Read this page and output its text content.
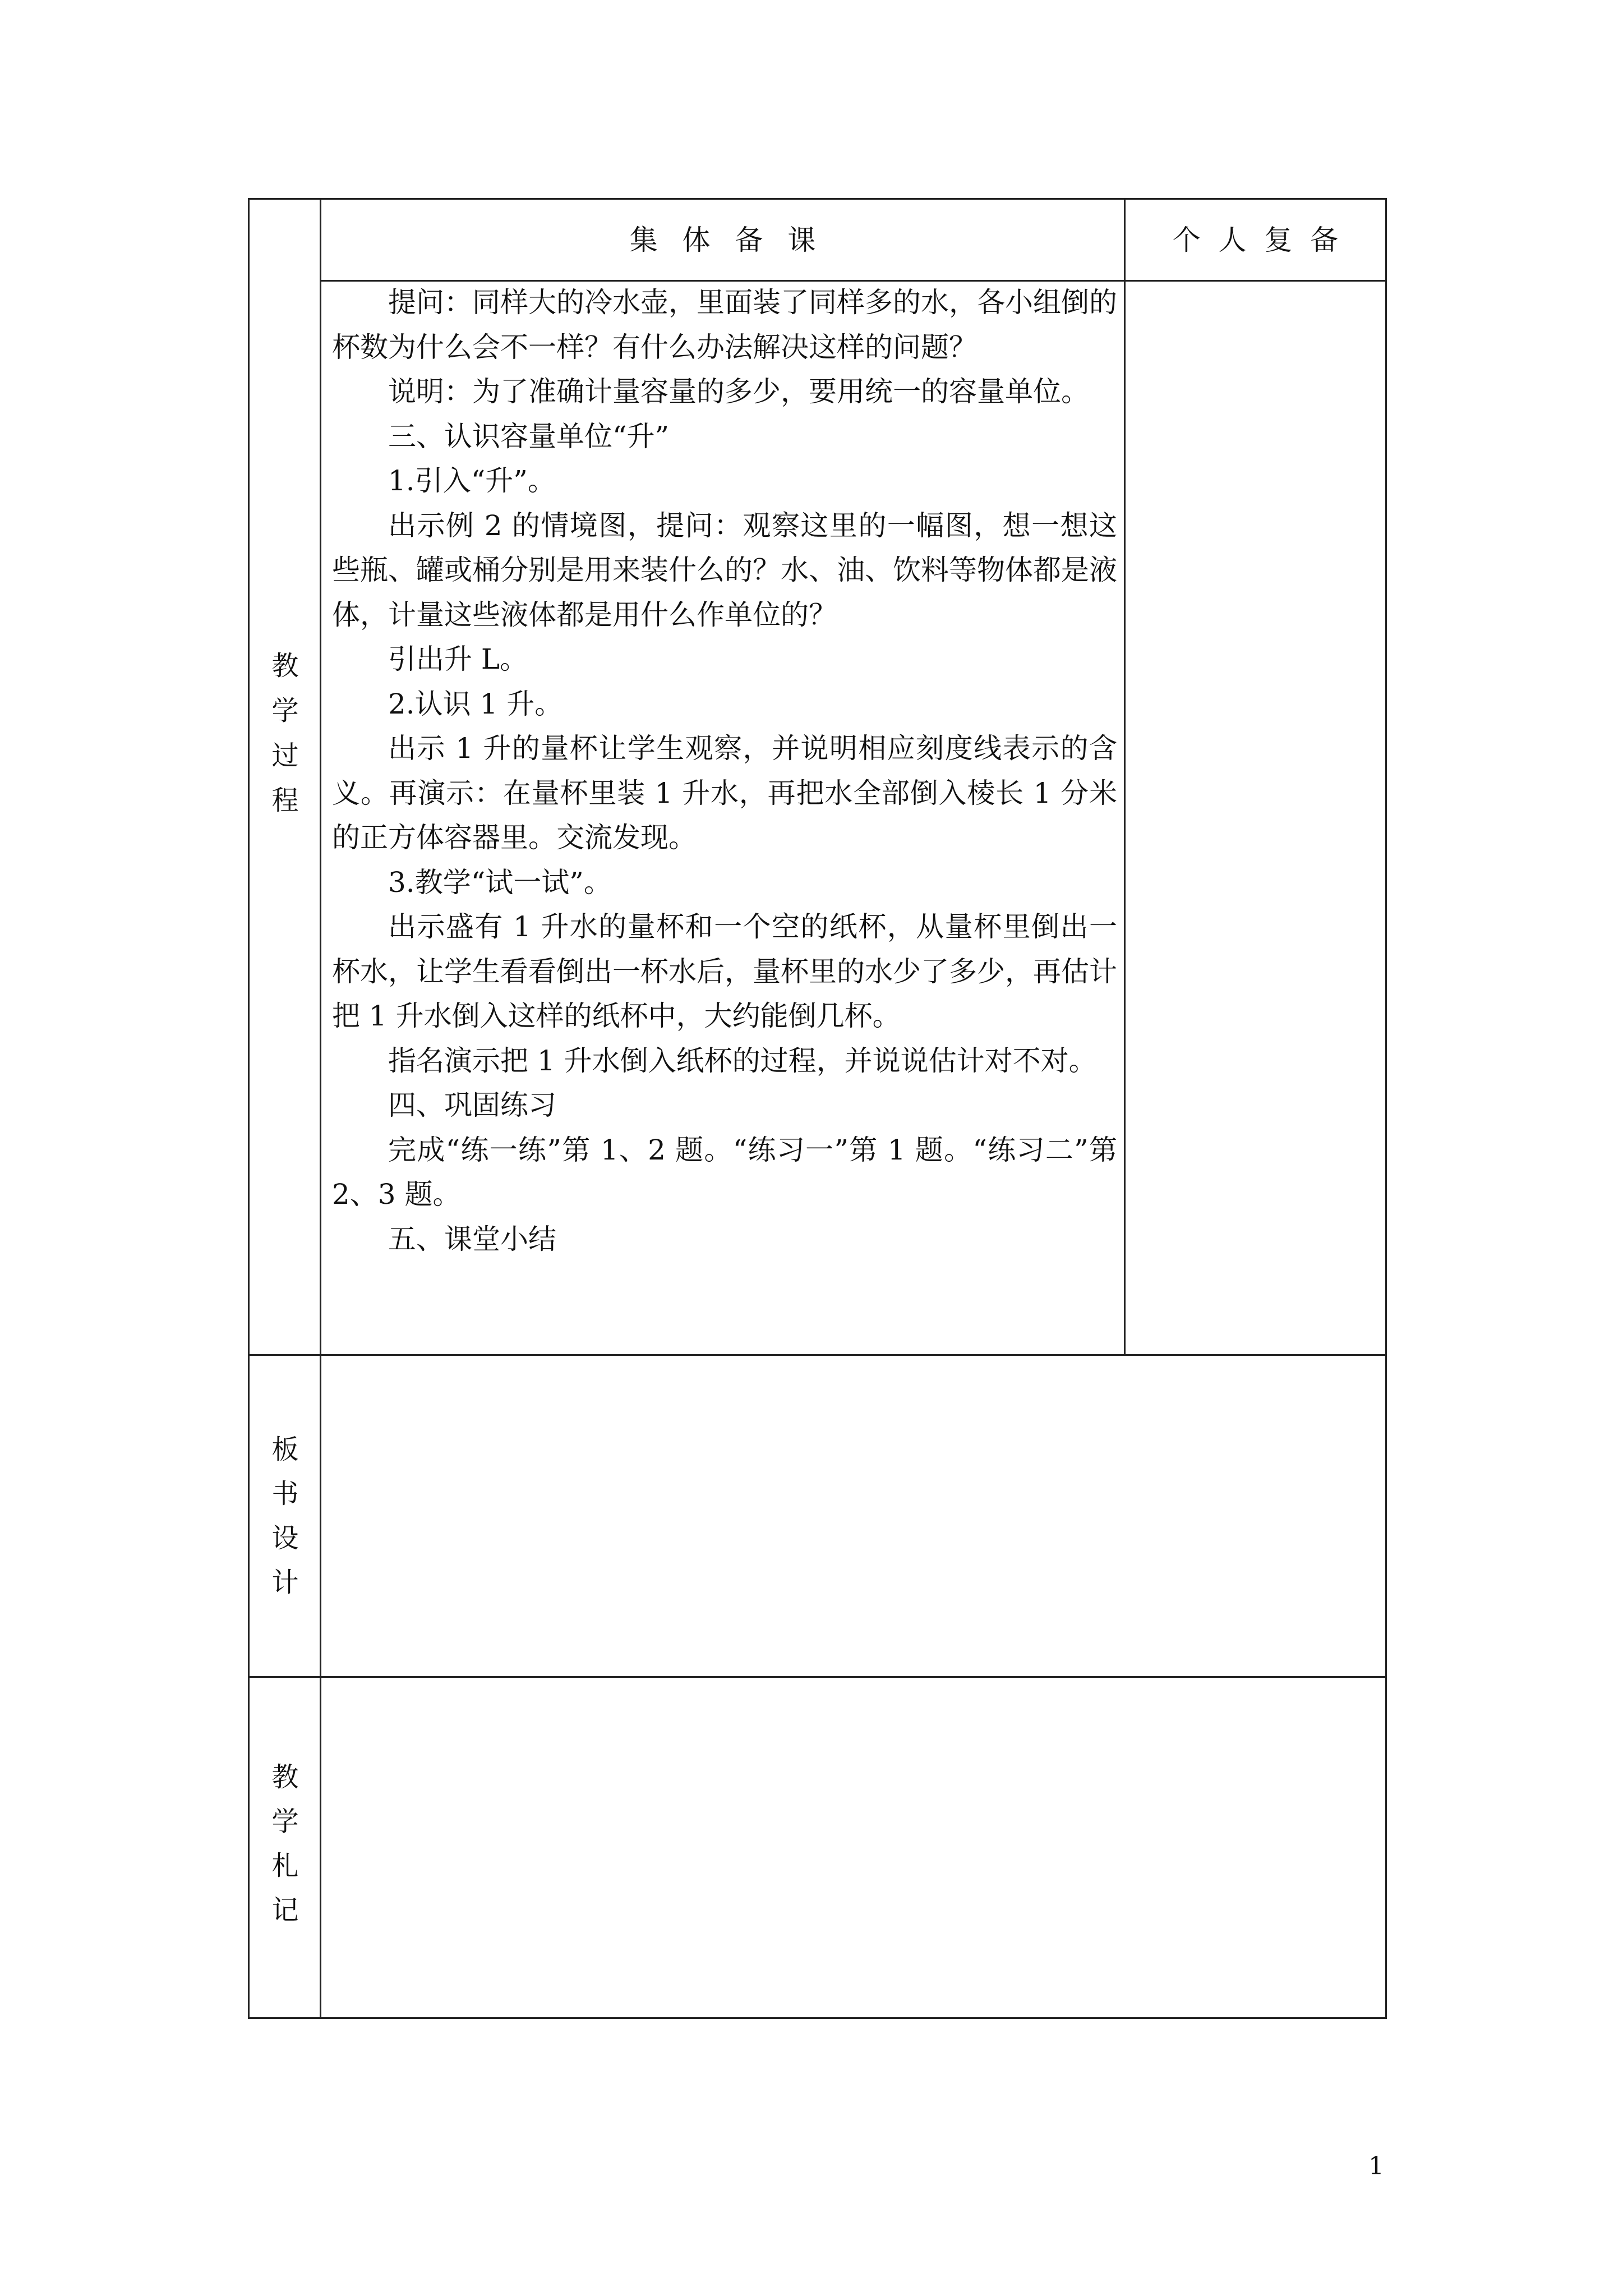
集 体 备 课	个 人 复 备
教
学
过
程
板
书
设
计
教
学
札
记

提问：同样大的冷水壶，里面装了同样多的水，各小组倒的杯数为什么会不一样？有什么办法解决这样的问题？

说明：为了准确计量容量的多少，要用统一的容量单位。

三、认识容量单位“升”

1.引入“升”。

出示例 2 的情境图，提问：观察这里的一幅图，想一想这些瓶、罐或桶分别是用来装什么的？水、油、饮料等物体都是液体，计量这些液体都是用什么作单位的？

引出升 L。

2.认识 1 升。

出示 1 升的量杯让学生观察，并说明相应刻度线表示的含义。再演示：在量杯里装 1 升水，再把水全部倒入棱长 1 分米的正方体容器里。交流发现。

3.教学“试一试”。

出示盛有 1 升水的量杯和一个空的纸杯，从量杯里倒出一杯水，让学生看看倒出一杯水后，量杯里的水少了多少，再估计把 1 升水倒入这样的纸杯中，大约能倒几杯。

指名演示把 1 升水倒入纸杯的过程，并说说估计对不对。

四、巩固练习

完成“练一练”第 1、2 题。“练习一”第 1 题。“练习二”第 2、3 题。

五、课堂小结

1
